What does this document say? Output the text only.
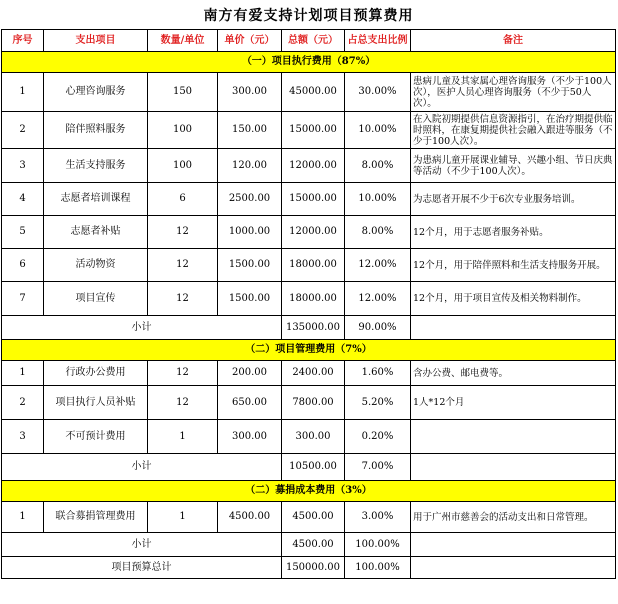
南方有爱支持计划项目预算费用						
序号	支出项目	数量/单位	单价（元）	总额（元）	占总支出比例	备注
（一）项目执行费用（87%）						
1	心理咨询服务	150	300.00	45000.00	30.00%	患病儿童及其家属心理咨询服务（不少于100人次），医护人员心理咨询服务（不少于50人次）。
2	陪伴照料服务	100	150.00	15000.00	10.00%	在入院初期提供信息资源指引，在治疗期提供临时照料，在康复期提供社会融入跟进等服务（不少于100人次）。
3	生活支持服务	100	120.00	12000.00	8.00%	为患病儿童开展课业辅导、兴趣小组、节日庆典等活动（不少于100人次）。
4	志愿者培训课程	6	2500.00	15000.00	10.00%	为志愿者开展不少于6次专业服务培训。
5	志愿者补贴	12	1000.00	12000.00	8.00%	12个月，用于志愿者服务补贴。
6	活动物资	12	1500.00	18000.00	12.00%	12个月，用于陪伴照料和生活支持服务开展。
7	项目宣传	12	1500.00	18000.00	12.00%	12个月，用于项目宣传及相关物料制作。
小计				135000.00	90.00%	
（二）项目管理费用（7%）						
1	行政办公费用	12	200.00	2400.00	1.60%	含办公费、邮电费等。
2	项目执行人员补贴	12	650.00	7800.00	5.20%	1人*12个月
3	不可预计费用	1	300.00	300.00	0.20%	
小计				10500.00	7.00%	
（二）募捐成本费用（3%）						
1	联合募捐管理费用	1	4500.00	4500.00	3.00%	用于广州市慈善会的活动支出和日常管理。
小计				4500.00	100.00%	
项目预算总计				150000.00	100.00%	
